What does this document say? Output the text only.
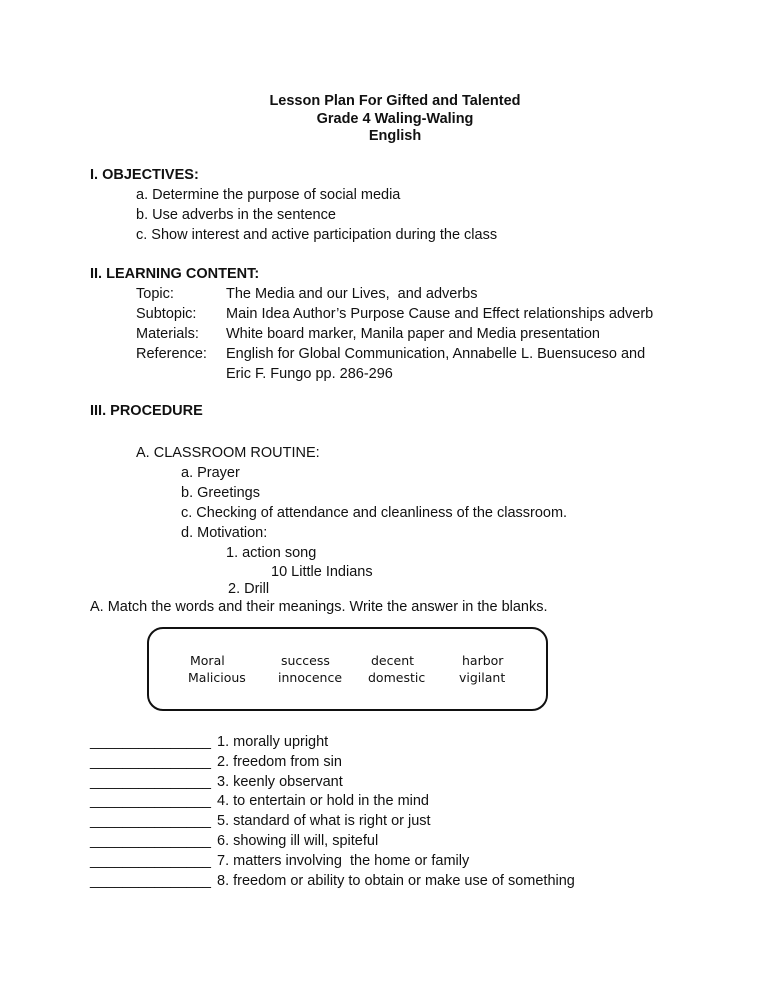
Lesson Plan For Gifted and Talented
Grade 4 Waling-Waling
English
I. OBJECTIVES:
a. Determine the purpose of social media
b. Use adverbs in the sentence
c. Show interest and active participation during the class
II. LEARNING CONTENT:
Topic:	The Media and our Lives,  and adverbs
Subtopic: Main Idea Author’s Purpose Cause and Effect relationships adverb
Materials: White board marker, Manila paper and Media presentation
Reference: English for Global Communication, Annabelle L. Buensuceso and
Eric F. Fungo pp. 286-296
III. PROCEDURE
A. CLASSROOM ROUTINE:
a. Prayer
b. Greetings
c. Checking of attendance and cleanliness of the classroom.
d. Motivation:
1. action song
10 Little Indians
2. Drill
A. Match the words and their meanings. Write the answer in the blanks.
Moral
Malicious
success
innocence
decent
domestic
harbor
vigilant
_______________ 1. morally upright
_______________ 2. freedom from sin
_______________ 3. keenly observant
_______________ 4. to entertain or hold in the mind
_______________ 5. standard of what is right or just
_______________ 6. showing ill will, spiteful
_______________ 7. matters involving  the home or family
_______________ 8. freedom or ability to obtain or make use of something
